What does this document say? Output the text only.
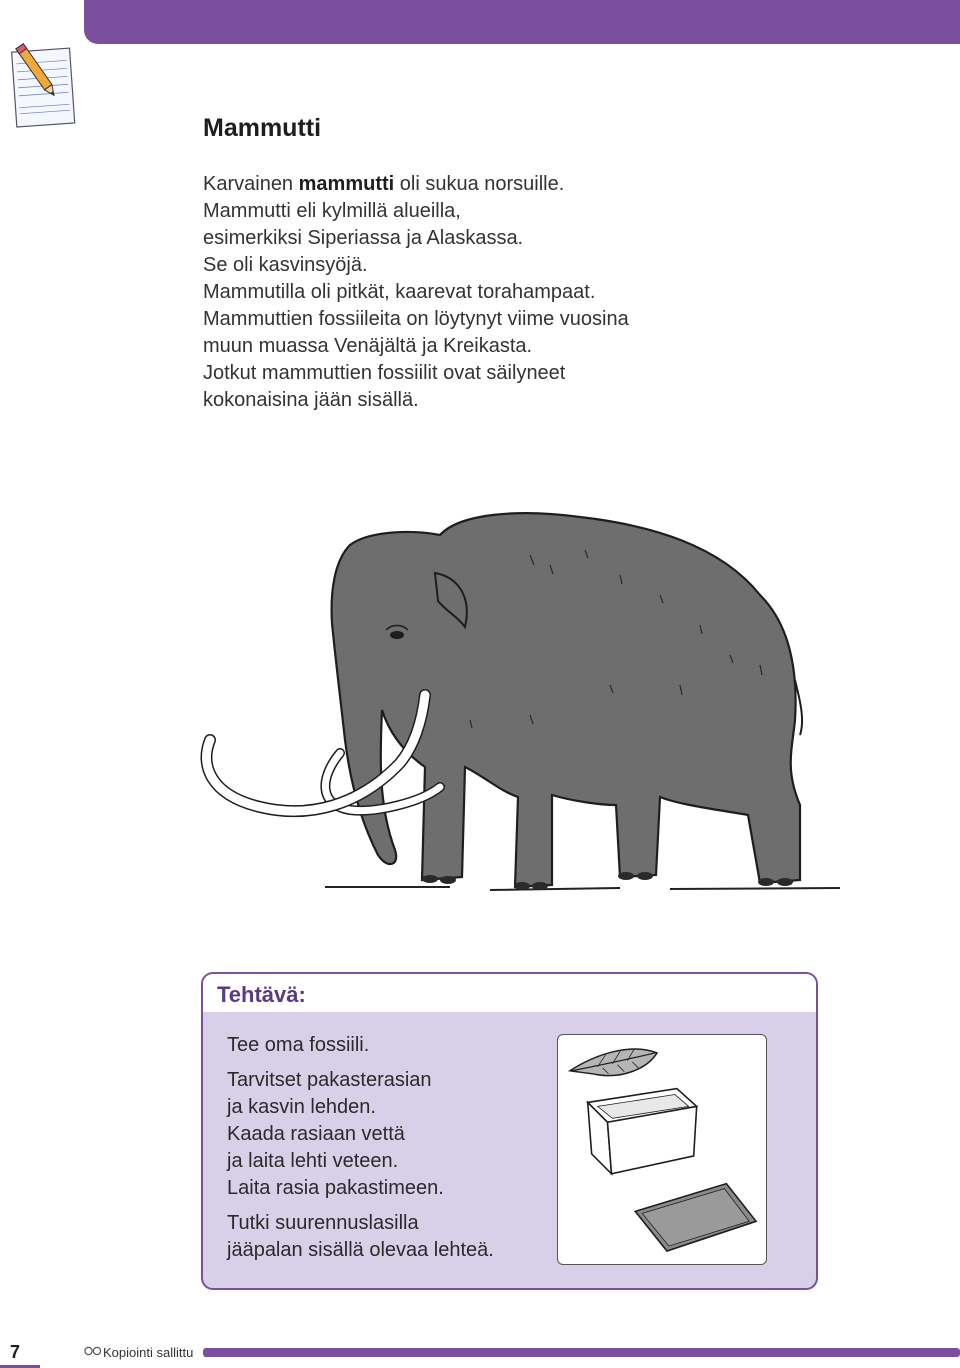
Mammutti
Karvainen mammutti oli sukua norsuille.
Mammutti eli kylmillä alueilla,
esimerkiksi Siperiassa ja Alaskassa.
Se oli kasvinsyöjä.
Mammutilla oli pitkät, kaarevat torahampaat.
Mammuttien fossiileita on löytynyt viime vuosina
muun muassa Venäjältä ja Kreikasta.
Jotkut mammuttien fossiilit ovat säilyneet
kokonaisina jään sisällä.
Tehtävä:

Tee oma fossiili.

Tarvitset pakasterasian
ja kasvin lehden.
Kaada rasiaan vettä
ja laita lehti veteen.
Laita rasia pakastimeen.

Tutki suurennuslasilla
jääpalan sisällä olevaa lehteä.

7	Kopiointi sallittu
